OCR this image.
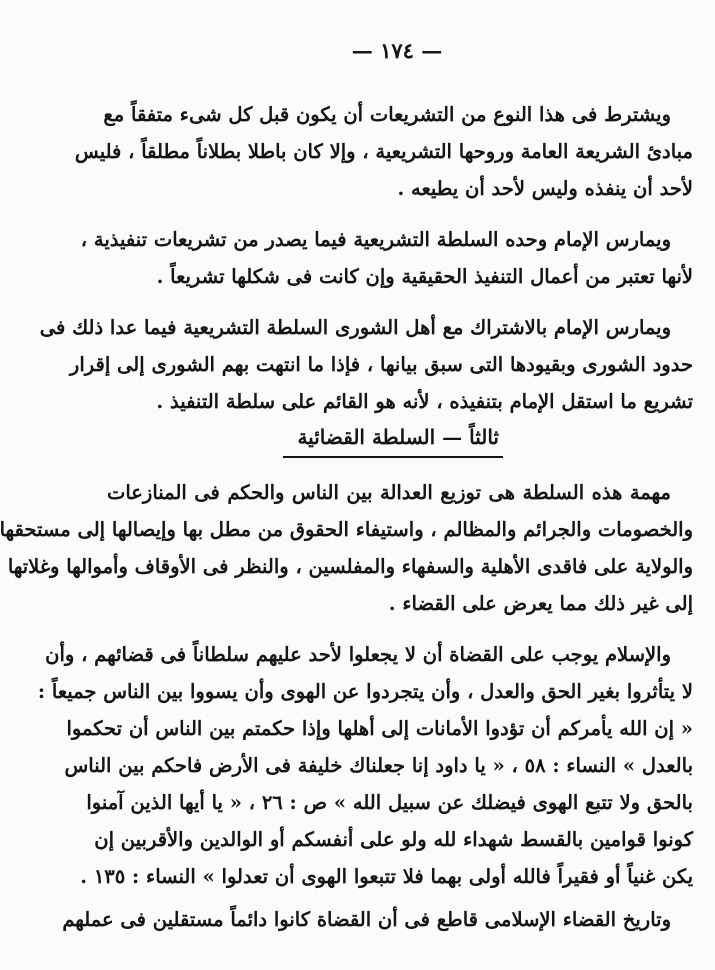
— ١٧٤ —
ويشترط فى هذا النوع من التشريعات أن يكون قبل كل شىء متفقاً مع
مبادئ الشريعة العامة وروحها التشريعية ، وإلا كان باطلا بطلاناً مطلقاً ، فليس
لأحد أن ينفذه وليس لأحد أن يطيعه .
ويمارس الإمام وحده السلطة التشريعية فيما يصدر من تشريعات تنفيذية ،
لأنها تعتبر من أعمال التنفيذ الحقيقية وإن كانت فى شكلها تشريعاً .
ويمارس الإمام بالاشتراك مع أهل الشورى السلطة التشريعية فيما عدا ذلك فى
حدود الشورى وبقيودها التى سبق بيانها ، فإذا ما انتهت بهم الشورى إلى إقرار
تشريع ما استقل الإمام بتنفيذه ، لأنه هو القائم على سلطة التنفيذ .
ثالثاً — السلطة القضائية
مهمة هذه السلطة هى توزيع العدالة بين الناس والحكم فى المنازعات
والخصومات والجرائم والمظالم ، واستيفاء الحقوق من مطل بها وإيصالها إلى مستحقها
والولاية على فاقدى الأهلية والسفهاء والمفلسين ، والنظر فى الأوقاف وأموالها وغلاتها
إلى غير ذلك مما يعرض على القضاء .
والإسلام يوجب على القضاة أن لا يجعلوا لأحد عليهم سلطاناً فى قضائهم ، وأن
لا يتأثروا بغير الحق والعدل ، وأن يتجردوا عن الهوى وأن يسووا بين الناس جميعاً :
« إن الله يأمركم أن تؤدوا الأمانات إلى أهلها وإذا حكمتم بين الناس أن تحكموا
بالعدل » النساء : ٥٨ ، « يا داود إنا جعلناك خليفة فى الأرض فاحكم بين الناس
بالحق ولا تتبع الهوى فيضلك عن سبيل الله » ص : ٢٦ ، « يا أيها الذين آمنوا
كونوا قوامين بالقسط شهداء لله ولو على أنفسكم أو الوالدين والأقربين إن
يكن غنياً أو فقيراً فالله أولى بهما فلا تتبعوا الهوى أن تعدلوا » النساء : ١٣٥ .
وتاريخ القضاء الإسلامى قاطع فى أن القضاة كانوا دائماً مستقلين فى عملهم
